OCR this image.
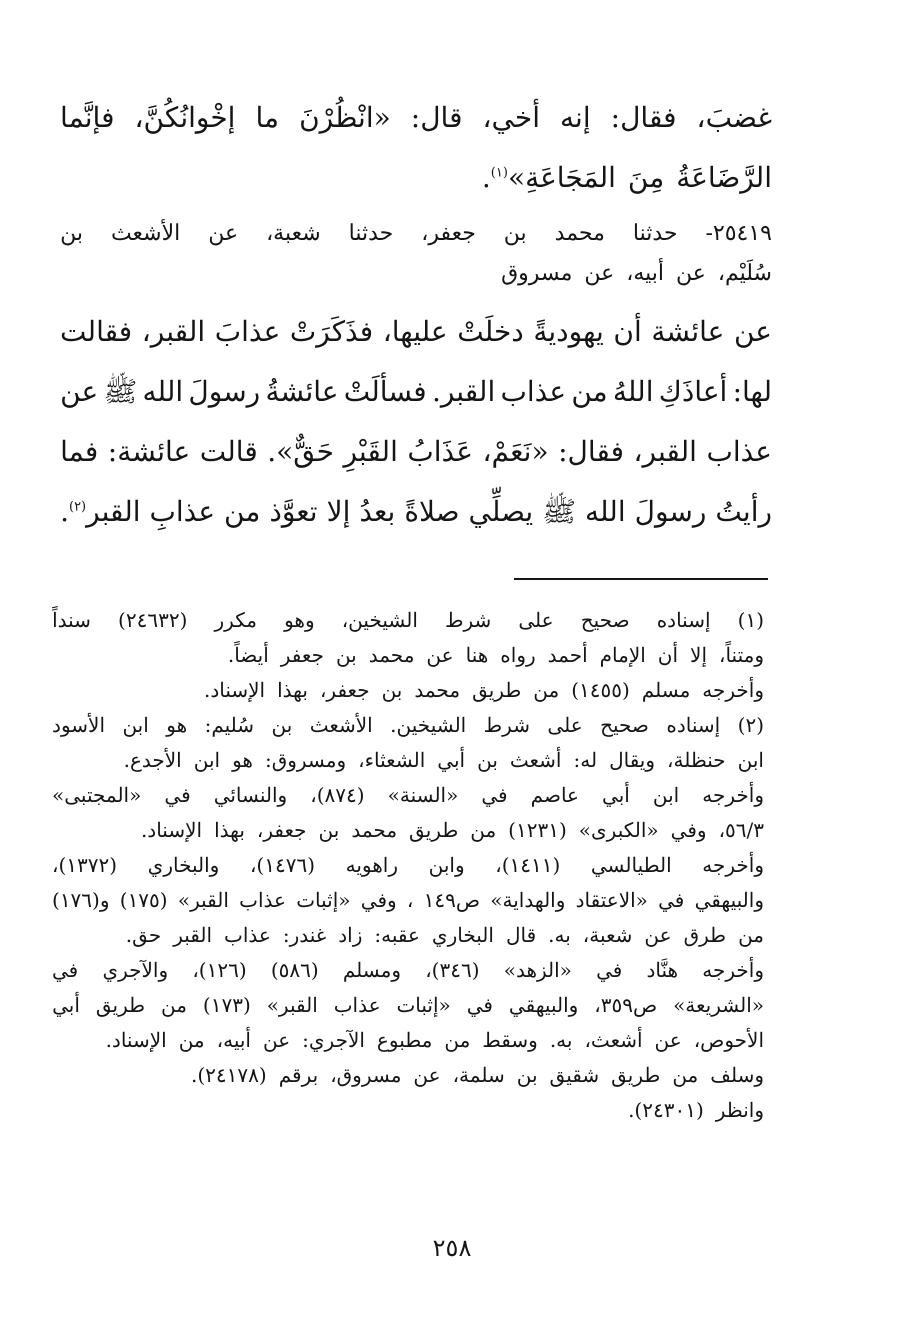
غضبَ،
فقال:
إنه
أخي،
قال:
«انْظُرْنَ
ما
إخْوانُكُنَّ،
فإنَّما
الرَّضَاعَةُ
مِنَ
المَجَاعَةِ»$^{(١)}$.
٢٥٤١٩-
حدثنا
محمد
بن
جعفر،
حدثنا
شعبة،
عن
الأشعث
بن
سُلَيْم،
عن
أبيه،
عن
مسروق
عن
عائشة
أن
يهوديةً
دخلَتْ
عليها،
فذَكَرَتْ
عذابَ
القبر،
فقالت
لها:
أعاذَكِ
اللهُ
من
عذاب
القبر.
فسألَتْ
عائشةُ
رسولَ
الله
ﷺ
عن
عذاب
القبر،
فقال:
«نَعَمْ،
عَذَابُ
القَبْرِ
حَقٌّ».
قالت
عائشة:
فما
رأيتُ
رسولَ
الله
ﷺ
يصلِّي
صلاةً
بعدُ
إلا
تعوَّذ
من
عذابِ
القبر$^{(٢)}$.
(١)
إسناده
صحيح
على
شرط
الشيخين،
وهو
مكرر
(٢٤٦٣٢)
سنداً
ومتناً،
إلا
أن
الإمام
أحمد
رواه
هنا
عن
محمد
بن
جعفر
أيضاً.
وأخرجه
مسلم
(١٤٥٥)
من
طريق
محمد
بن
جعفر،
بهذا
الإسناد.
(٢)
إسناده
صحيح
على
شرط
الشيخين.
الأشعث
بن
سُليم:
هو
ابن
الأسود
ابن
حنظلة،
ويقال
له:
أشعث
بن
أبي
الشعثاء،
ومسروق:
هو
ابن
الأجدع.
وأخرجه
ابن
أبي
عاصم
في
«السنة»
(٨٧٤)،
والنسائي
في
«المجتبى»
٥٦/٣،
وفي
«الكبرى»
(١٢٣١)
من
طريق
محمد
بن
جعفر،
بهذا
الإسناد.
وأخرجه
الطيالسي
(١٤١١)،
وابن
راهويه
(١٤٧٦)،
والبخاري
(١٣٧٢)،
والبيهقي
في
«الاعتقاد
والهداية»
ص١٤٩
،
وفي
«إثبات
عذاب
القبر»
(١٧٥)
و(١٧٦)
من
طرق
عن
شعبة،
به.
قال
البخاري
عقبه:
زاد
غندر:
عذاب
القبر
حق.
وأخرجه
هنَّاد
في
«الزهد»
(٣٤٦)،
ومسلم
(٥٨٦)
(١٢٦)،
والآجري
في
«الشريعة»
ص٣٥٩،
والبيهقي
في
«إثبات
عذاب
القبر»
(١٧٣)
من
طريق
أبي
الأحوص،
عن
أشعث،
به.
وسقط
من
مطبوع
الآجري:
عن
أبيه،
من
الإسناد.
وسلف
من
طريق
شقيق
بن
سلمة،
عن
مسروق،
برقم
(٢٤١٧٨).
وانظر
(٢٤٣٠١).
٢٥٨
